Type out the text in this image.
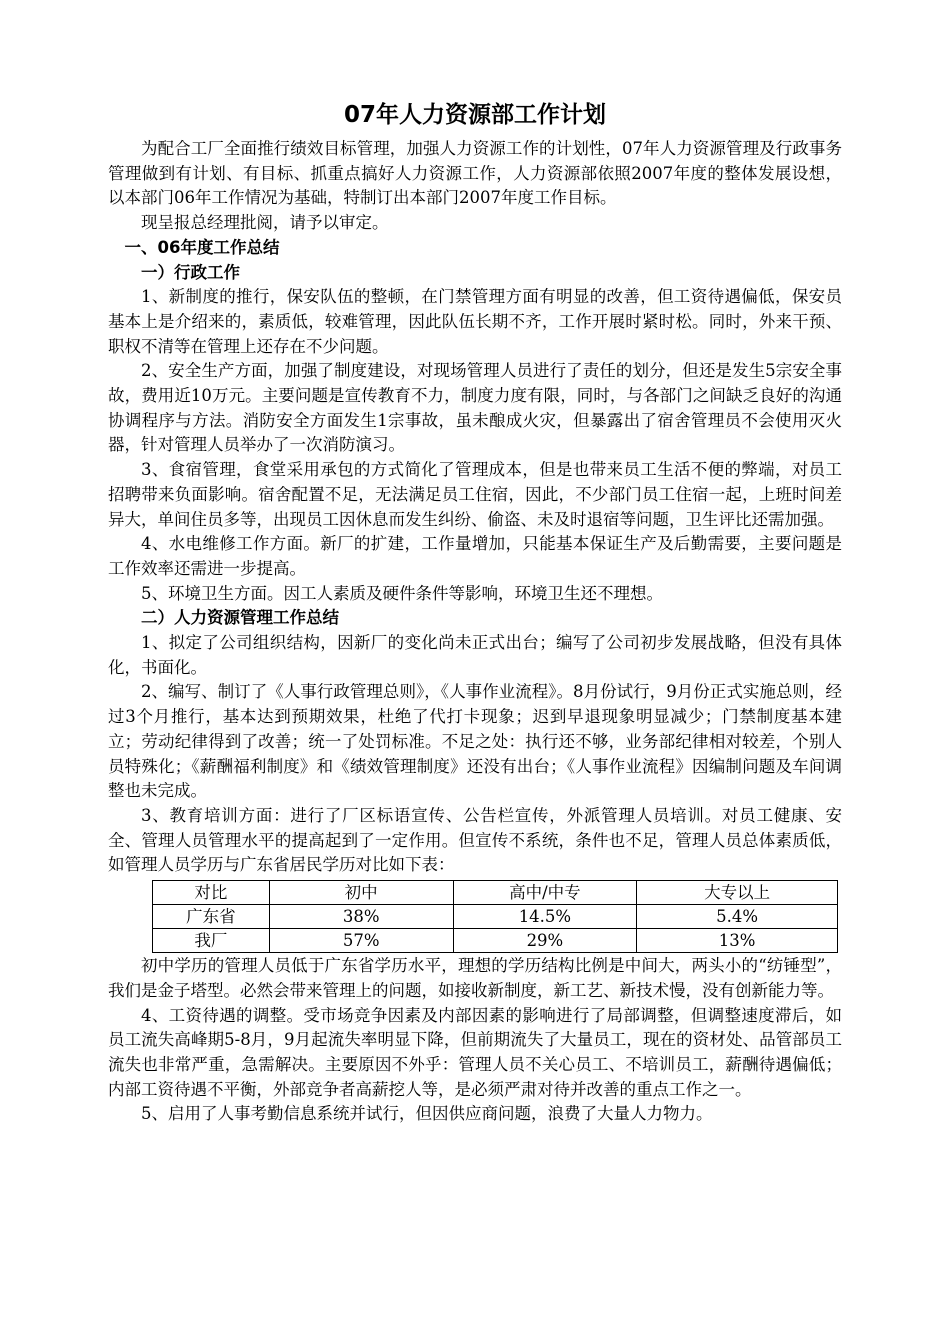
07年人力资源部工作计划

为配合工厂全面推行绩效目标管理，加强人力资源工作的计划性，07年人力资源管理及行政事务管理做到有计划、有目标、抓重点搞好人力资源工作，人力资源部依照2007年度的整体发展设想，以本部门06年工作情况为基础，特制订出本部门2007年度工作目标。

现呈报总经理批阅，请予以审定。

一、06年度工作总结

一）行政工作

1、新制度的推行，保安队伍的整顿，在门禁管理方面有明显的改善，但工资待遇偏低，保安员基本上是介绍来的，素质低，较难管理，因此队伍长期不齐，工作开展时紧时松。同时，外来干预、职权不清等在管理上还存在不少问题。

2、安全生产方面，加强了制度建设，对现场管理人员进行了责任的划分，但还是发生5宗安全事故，费用近10万元。主要问题是宣传教育不力，制度力度有限，同时，与各部门之间缺乏良好的沟通协调程序与方法。消防安全方面发生1宗事故，虽未酿成火灾，但暴露出了宿舍管理员不会使用灭火器，针对管理人员举办了一次消防演习。

3、食宿管理，食堂采用承包的方式简化了管理成本，但是也带来员工生活不便的弊端，对员工招聘带来负面影响。宿舍配置不足，无法满足员工住宿，因此，不少部门员工住宿一起，上班时间差异大，单间住员多等，出现员工因休息而发生纠纷、偷盗、未及时退宿等问题，卫生评比还需加强。

4、水电维修工作方面。新厂的扩建，工作量增加，只能基本保证生产及后勤需要，主要问题是工作效率还需进一步提高。

5、环境卫生方面。因工人素质及硬件条件等影响，环境卫生还不理想。

二）人力资源管理工作总结

1、拟定了公司组织结构，因新厂的变化尚未正式出台；编写了公司初步发展战略，但没有具体化，书面化。

2、编写、制订了《人事行政管理总则》，《人事作业流程》。8月份试行，9月份正式实施总则，经过3个月推行，基本达到预期效果，杜绝了代打卡现象；迟到早退现象明显减少；门禁制度基本建立；劳动纪律得到了改善；统一了处罚标准。不足之处：执行还不够，业务部纪律相对较差，个别人员特殊化；《薪酬福利制度》和《绩效管理制度》还没有出台；《人事作业流程》因编制问题及车间调整也未完成。

3、教育培训方面：进行了厂区标语宣传、公告栏宣传，外派管理人员培训。对员工健康、安全、管理人员管理水平的提高起到了一定作用。但宣传不系统，条件也不足，管理人员总体素质低，如管理人员学历与广东省居民学历对比如下表：

对比	初中	高中/中专	大专以上
广东省	38%	14.5%	5.4%
我厂	57%	29%	13%

初中学历的管理人员低于广东省学历水平，理想的学历结构比例是中间大，两头小的“纺锤型”，我们是金子塔型。必然会带来管理上的问题，如接收新制度，新工艺、新技术慢，没有创新能力等。

4、工资待遇的调整。受市场竞争因素及内部因素的影响进行了局部调整，但调整速度滞后，如员工流失高峰期5-8月，9月起流失率明显下降，但前期流失了大量员工，现在的资材处、品管部员工流失也非常严重，急需解决。主要原因不外乎：管理人员不关心员工、不培训员工，薪酬待遇偏低；内部工资待遇不平衡，外部竞争者高薪挖人等，是必须严肃对待并改善的重点工作之一。

5、启用了人事考勤信息系统并试行，但因供应商问题，浪费了大量人力物力。
